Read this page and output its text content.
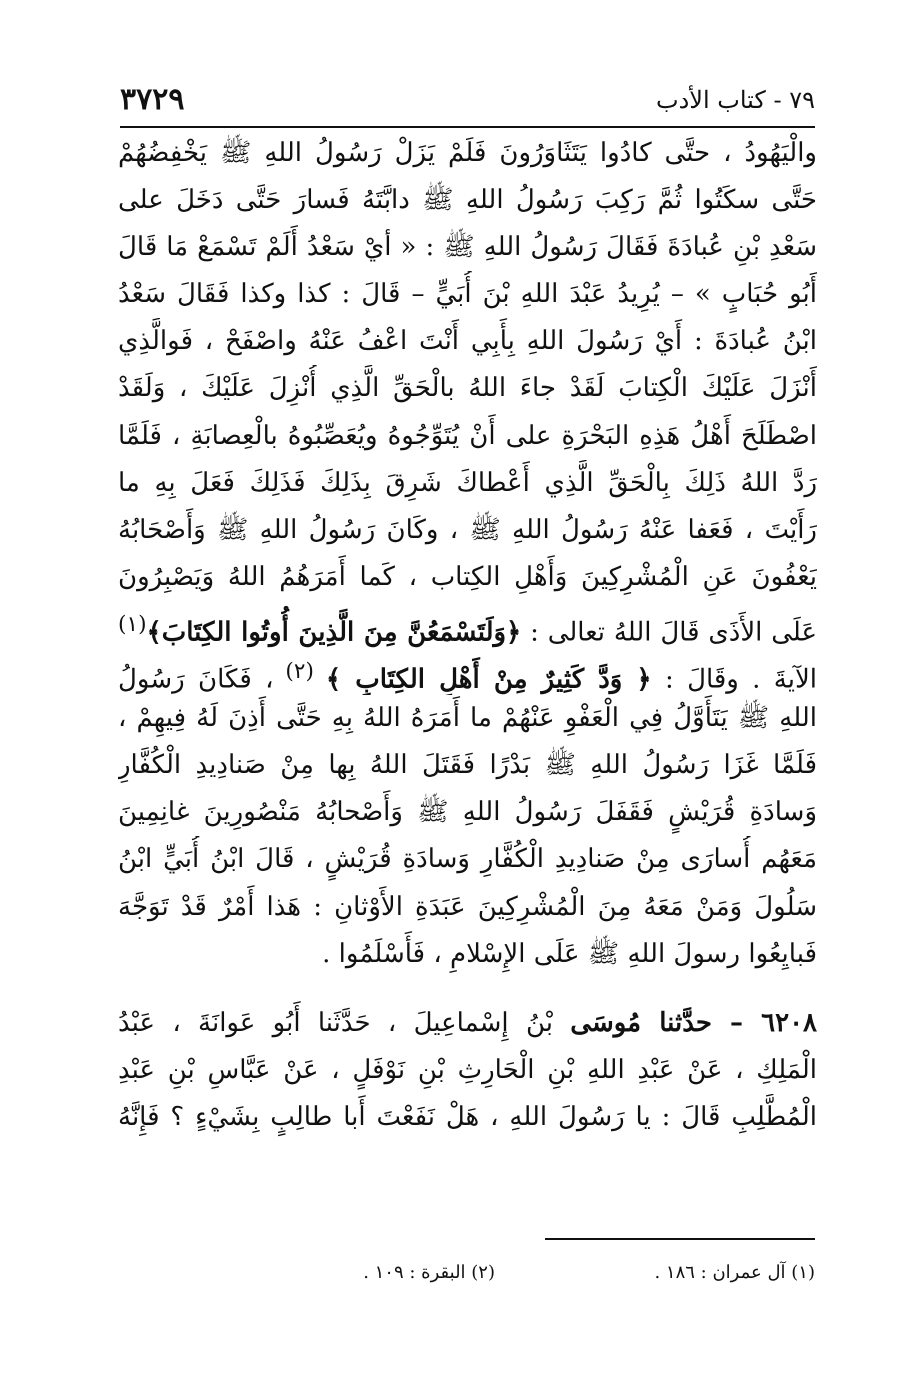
٧٩ - كتاب الأدب
٣٧٢٩
والْيَهُودُ ، حتَّى كادُوا يَتَثَاوَرُونَ فَلَمْ يَزَلْ رَسُولُ اللهِ ﷺ يَخْفِضُهُمْ
حَتَّى سكَتُوا ثُمَّ رَكِبَ رَسُولُ اللهِ ﷺ دابَّتَهُ فَسارَ حَتَّى دَخَلَ على
سَعْدِ بْنِ عُبادَةَ فَقَالَ رَسُولُ اللهِ ﷺ : « أيْ سَعْدُ أَلَمْ تَسْمَعْ مَا قَالَ
أَبُو حُبَابٍ » – يُرِيدُ عَبْدَ اللهِ بْنَ أُبَيٍّ – قَالَ : كذا وكذا فَقَالَ سَعْدُ
ابْنُ عُبادَةَ : أَيْ رَسُولَ اللهِ بِأَبِي أَنْتَ اعْفُ عَنْهُ واصْفَحْ ، فَوالَّذِي
أَنْزَلَ عَلَيْكَ الْكِتابَ لَقَدْ جاءَ اللهُ بالْحَقِّ الَّذِي أُنْزِلَ عَلَيْكَ ، وَلَقَدْ
اصْطَلَحَ أَهْلُ هَذِهِ البَحْرَةِ على أَنْ يُتَوِّجُوهُ ويُعَصِّبُوهُ بالْعِصابَةِ ، فَلَمَّا
رَدَّ اللهُ ذَلِكَ بِالْحَقِّ الَّذِي أَعْطاكَ شَرِقَ بِذَلِكَ فَذَلِكَ فَعَلَ بِهِ ما
رَأَيْتَ ، فَعَفا عَنْهُ رَسُولُ اللهِ ﷺ ، وكَانَ رَسُولُ اللهِ ﷺ وَأَصْحَابُهُ
يَعْفُونَ عَنِ الْمُشْرِكِينَ وَأَهْلِ الكِتاب ، كَما أَمَرَهُمُ اللهُ وَيَصْبِرُونَ
عَلَى الأَذَى قَالَ اللهُ تعالى : ﴿وَلَتَسْمَعُنَّ مِنَ الَّذِينَ أُوتُوا الكِتَابَ﴾$^{(١)}$
الآيةَ . وقَالَ : ﴿ وَدَّ كَثِيرٌ مِنْ أَهْلِ الكِتَابِ ﴾ $^{(٢)}$ ، فَكَانَ رَسُولُ
اللهِ ﷺ يَتَأَوَّلُ فِي الْعَفْوِ عَنْهُمْ ما أَمَرَهُ اللهُ بِهِ حَتَّى أَذِنَ لَهُ فِيهِمْ ،
فَلَمَّا غَزَا رَسُولُ اللهِ ﷺ بَدْرًا فَقَتَلَ اللهُ بِها مِنْ صَنادِيدِ الْكُفَّارِ
وَسادَةِ قُرَيْشٍ فَقَفَلَ رَسُولُ اللهِ ﷺ وَأَصْحابُهُ مَنْصُورِينَ غانِمِينَ
مَعَهُم أُسارَى مِنْ صَنادِيدِ الْكُفَّارِ وَسادَةِ قُرَيْشٍ ، قَالَ ابْنُ أُبَيٍّ ابْنُ
سَلُولَ وَمَنْ مَعَهُ مِنَ الْمُشْرِكِينَ عَبَدَةِ الأَوْثانِ : هَذا أَمْرٌ قَدْ تَوَجَّهَ
فَبايِعُوا رسولَ اللهِ ﷺ عَلَى الإِسْلامِ ، فَأَسْلَمُوا .
٦٢٠٨ – حدَّثنا مُوسَى بْنُ إِسْماعِيلَ ، حَدَّثَنا أَبُو عَوانَةَ ، عَبْدُ
الْمَلِكِ ، عَنْ عَبْدِ اللهِ بْنِ الْحَارِثِ بْنِ نَوْفَلٍ ، عَنْ عَبَّاسِ بْنِ عَبْدِ
الْمُطَّلِبِ قَالَ : يا رَسُولَ اللهِ ، هَلْ نَفَعْتَ أَبا طالِبٍ بِشَيْءٍ ؟ فَإِنَّهُ
(١) آل عمران : ١٨٦ .
(٢) البقرة : ١٠٩ .
